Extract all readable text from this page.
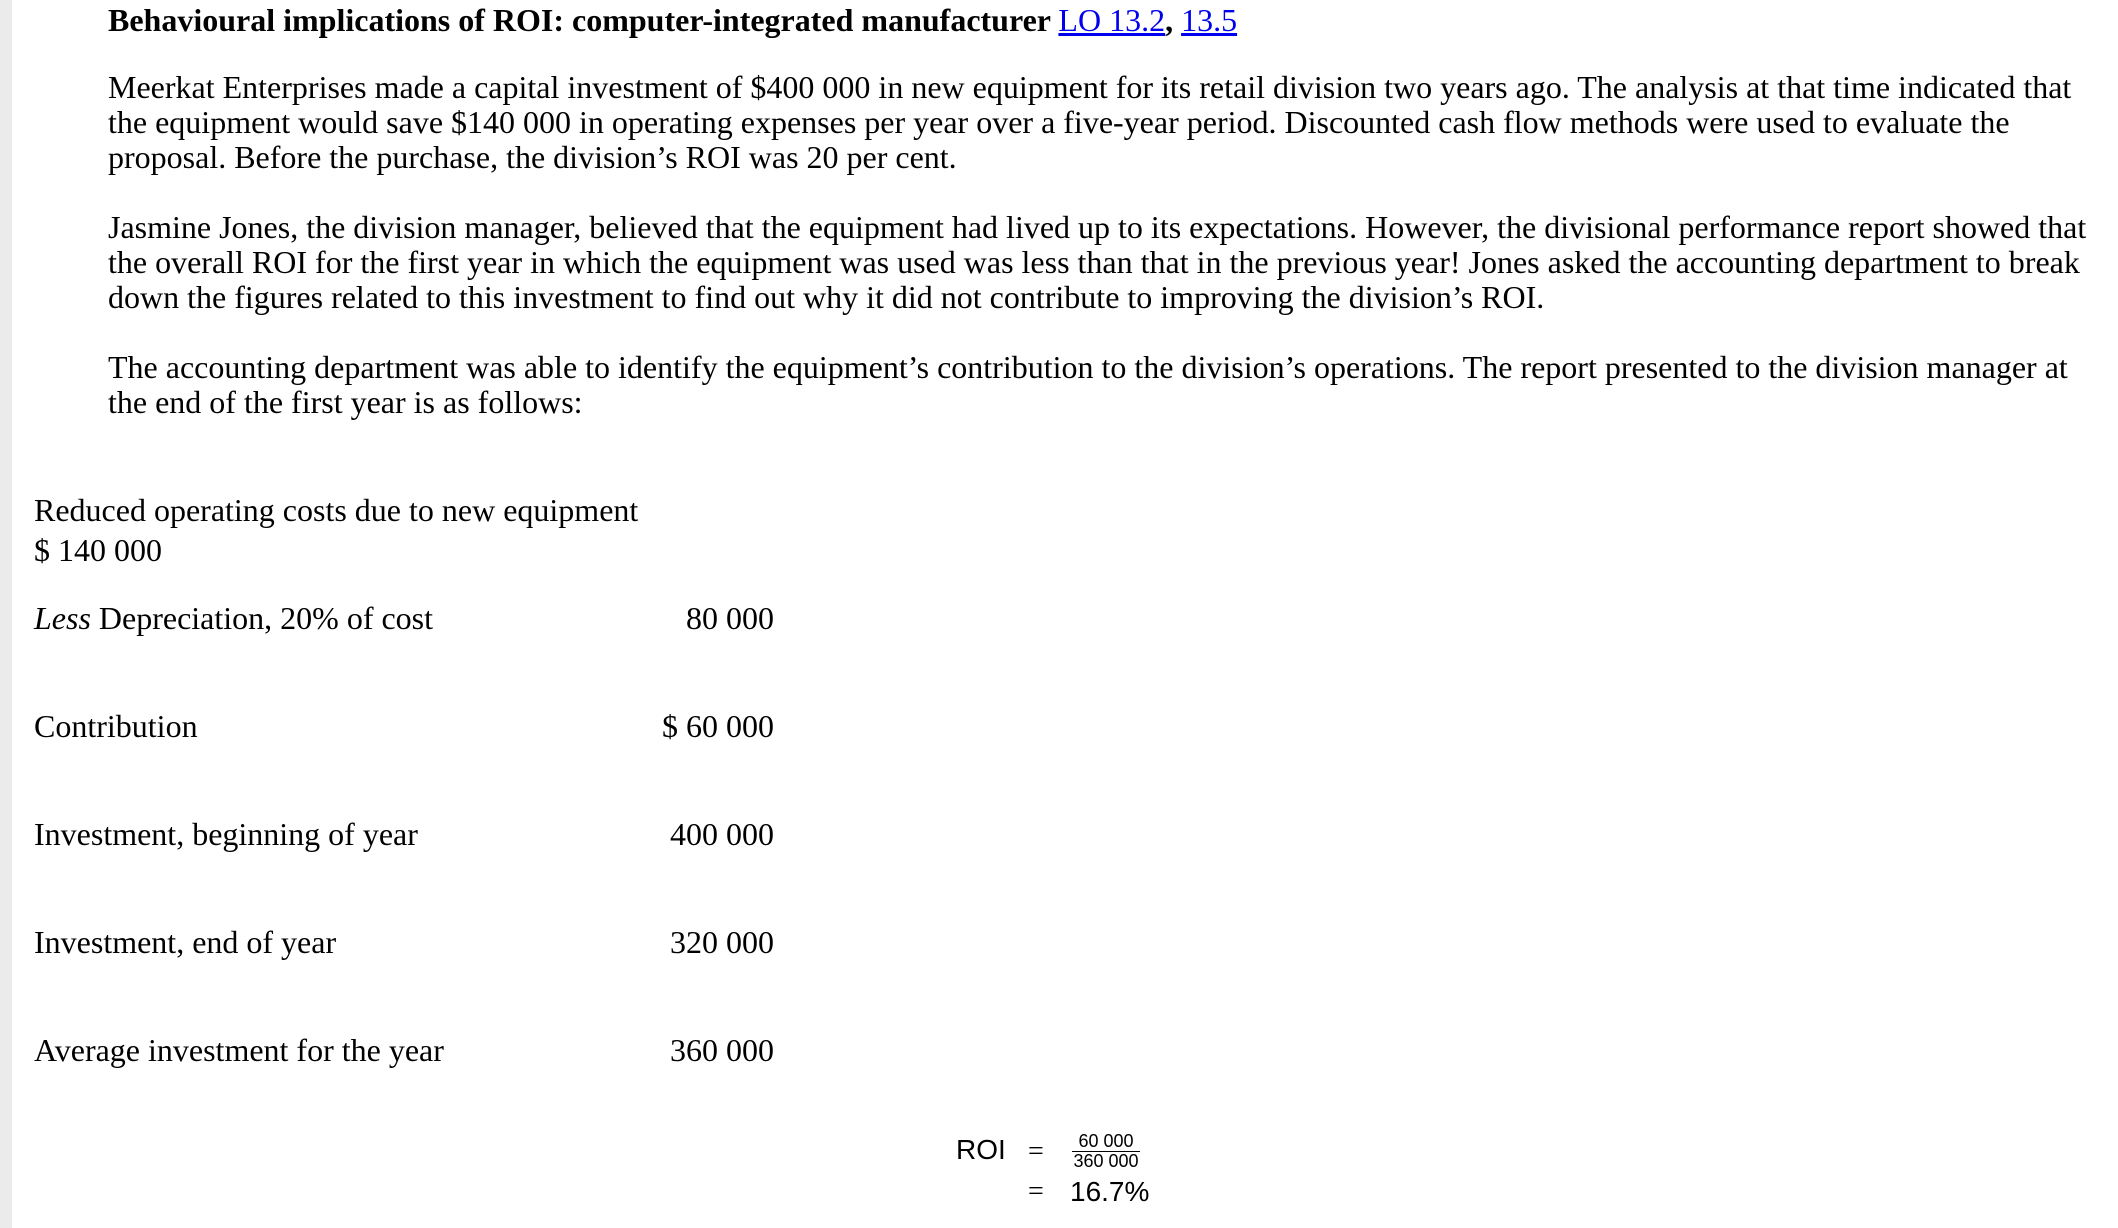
Behavioural implications of ROI: computer-integrated manufacturer LO 13.2, 13.5

Meerkat Enterprises made a capital investment of $400 000 in new equipment for its retail division two years ago. The analysis at that time indicated that the equipment would save $140 000 in operating expenses per year over a five-year period. Discounted cash flow methods were used to evaluate the proposal. Before the purchase, the division’s ROI was 20 per cent.

Jasmine Jones, the division manager, believed that the equipment had lived up to its expectations. However, the divisional performance report showed that the overall ROI for the first year in which the equipment was used was less than that in the previous year! Jones asked the accounting department to break down the figures related to this investment to find out why it did not contribute to improving the division’s ROI.

The accounting department was able to identify the equipment’s contribution to the division’s operations. The report presented to the division manager at the end of the first year is as follows:

Reduced operating costs due to new equipment $ 140 000
Less Depreciation, 20% of cost	80 000
Contribution	$ 60 000
Investment, beginning of year	400 000
Investment, end of year	320 000
Average investment for the year	360 000
ROI = $\frac{60 000}{360 000}$
= 16.7%
